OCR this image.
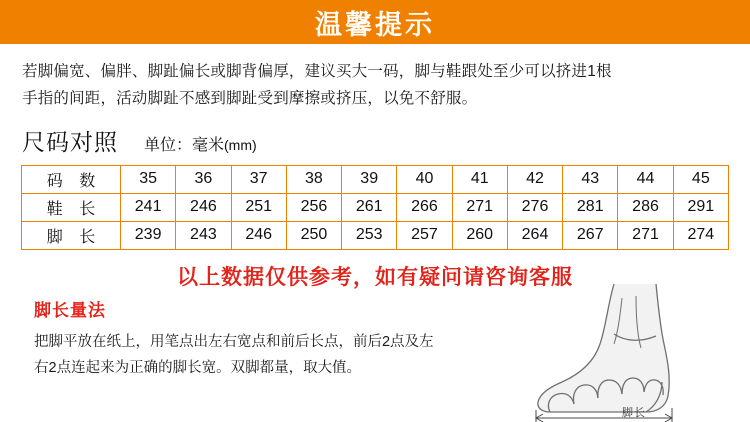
温馨提示
若脚偏宽、偏胖、脚趾偏长或脚背偏厚，建议买大一码，脚与鞋跟处至少可以挤进1根
手指的间距，活动脚趾不感到脚趾受到摩擦或挤压，以免不舒服。
尺码对照 单位：毫米(mm)
码 数	35	36	37	38	39	40	41	42	43	44	45
鞋 长	241	246	251	256	261	266	271	276	281	286	291
脚 长	239	243	246	250	253	257	260	264	267	271	274
以上数据仅供参考，如有疑问请咨询客服
脚长量法
把脚平放在纸上，用笔点出左右宽点和前后长点，前后2点及左
右2点连起来为正确的脚长宽。双脚都量，取大值。
脚长
